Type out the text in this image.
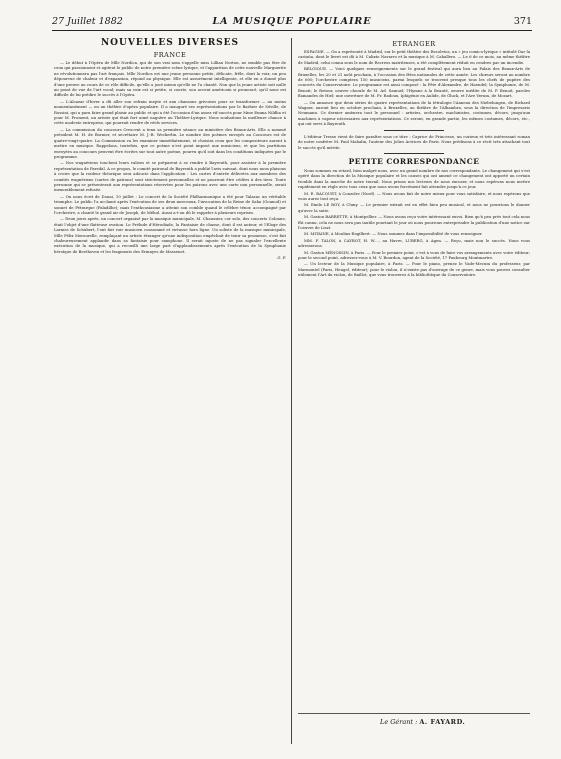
27 Juillet 1882	LA MUSIQUE POPULAIRE	371
NOUVELLES DIVERSES
FRANCE
— Le début à l'Opéra de Mlle Nordica, qui de son vrai nom s'appelle miss Lillian Norton, ne semble pas être de ceux qui passionnent et agitent le public de notre première scène lyrique, et l'apparition de cette nouvelle Marguerite ne révolutionnera pas l'art français. Mlle Nordica est une jeune personne petite, délicate, frêle, dont la voix, un peu dépourvue de chaleur et d'expansion, répond au physique. Elle est assurément intelligente, et elle en a donné plus d'une preuve au cours de ce rôle difficile, qu'elle a joué mieux qu'elle ne l'a chanté. Non que la jeune artiste soit nulle au point de vue de l'art vocal; mais sa voix est si petite, si courte, son accent américain si prononcé, qu'il nous est difficile de lui prédire le succès à l'Opéra.
— L'Alcazar d'hiver a dû aller son refrain inepte et aux chansons grivoises pour se transformer — au moins momentanément — en un théâtre d'opéra populaire. Il a inauguré ses représentations par le Barbier de Séville, de Rossini, qui a paru faire grand plaisir au public et qui a été l'occasion d'un assez vif succès pour Mme Emma Nildha et pour M. Froment, un artiste qui était fort aimé naguère au Théâtre-Lyrique. Nous souhaitons la meilleure chance à cette modeste entreprise, qui pourrait rendre de réels services.
— La commission du concours Crescent a tenu sa première séance au ministère des Beaux-Arts. Elle a nommé président M. H. de Bornier, et secrétaire M. J.-B. Weckerlin. Le nombre des poèmes envoyés au Concours est de quatre-vingt-quatre. La Commission va les examiner immédiatement, et choisira ceux que les compositeurs auront à mettre en musique. Rappelons, toutefois, que ce poème n'est point imposé aux musiciens, et que les partitions envoyées au concours peuvent être écrites sur tout autre poème, pourvu qu'il soit dans les conditions indiquées par le programme.
— Nos wagnériens touchent leurs valises et se préparent à se rendre à Bayreuth, pour assister à la première représentation de Parsifal. A ce propos, le comité patronal de Bayreuth a publié l'avis suivant, dont nous nous plaisons à croire que la roideur théorique sera adoucie dans l'application : Les cartes d'entrée délivrées aux membres des comités wagnériens (cartes de patrons) sont strictement personnelles et ne pourront être cédées à des tiers. Toute personne qui se présenterait aux représentations réservées pour les patrons avec une carte non personnelle, serait inexorablement refusée.
— On nous écrit de Douai, 10 juillet : Le concert de la Société Philharmonique a été pour Talazac un véritable triomphe. Le public l'a acclamé après l'exécution de ses deux morceaux, l'invocation de la Reine de Saba (Gounod) et sonnet de Pétrarque (Paladilhe); mais l'enthousiasme a atteint son comble quand le célèbre ténor, accompagné par l'orchestre, a chanté le grand air de Joseph, de Méhul. Aussi a-t-on dû le rappeler à plusieurs reprises.
— Deux jours après, un concert organisé par la musique municipale, M. Chaussier, cor solo, des concerts Colonne, était l'objet d'une flatteuse ovation. Le Prélude d'Hérodiade, la Fantaisie de chasse, dont il est auteur, et l'Eloge des Larmes de Schubert, l'ont fait voir musicien consommé et virtuose hors ligne. Un soliste de la musique municipale, Mlle Félix Morourelle, remplaçant un artiste étranger qu'une indisposition empêchait de tenir sa promesse, s'est fait chaleureusement applaudir dans sa fantaisie pour saxophone. Il serait injuste de ne pas signaler l'excellente exécution de la musique, qui a recueilli une large part d'applaudissements après l'exécution de la Symphonie héroïque de Beethoven et les fragments des Erinnyes de Massenet.
G. F.
ETRANGER
ESPAGNE. — On a représenté à Madrid, sur le petit théâtre des Recoletos, un « jeu comico-lyrique » intitulé Dar la castaña, dont le livret est dû à M. Calixto Navarro et la musique à M. Caballero. — Le 6 de ce mois, au même théâtre de Madrid, celui connu sous le nom de Recreos matritenses, a été complètement réduit en cendres par un incendie.
BELGIQUE. — Voici quelques renseignements sur le grand festival qui aura lieu au Palais des Beaux-Arts de Bruxelles, les 20 et 21 août prochain, à l'occasion des fêtes nationales de cette année. Les chœurs seront au nombre de 600; l'orchestre comptera 150 musiciens, parmi lesquels se trouvent presque tous les chefs de pupitre des concerts du Conservatoire. Le programme est ainsi composé : la Fête d'Alexandre, de Haendel; la Symphonie, de M. Benoit; le Retour, oeuvre chorale de M. Ad. Samuel; l'Hymne à la Beauté, oeuvre inédite de M. P. Benoit, paroles flamandes de Hiel; une ouverture de M. Fr. Radoux, Iphigénie en Aulide, de Gluck, et l'Ave Verum, de Mozart.
— On annonce que deux séries de quatre représentations de la tétralogie l'Anneau des Niebelungen, de Richard Wagner, auront lieu en octobre prochain, à Bruxelles, au théâtre de l'Alhambra, sous la direction de l'impresario Neumann. Ce dernier amènera tout le personnel : artistes, orchestre, machinistes, costumes, décors, jusqu'aux machines à vapeur nécessaires aux représentations. Ce seront, en grande partie, les mêmes costumes, décors, etc., qui ont servi à Bayreuth.
L'éditeur Tresse vient de faire paraître sous ce titre : Caprice de Princesse, un curieux et très intéressant roman de notre confrère M. Paul Mahalin, l'auteur des Jolies Actrices de Paris. Nous prédisons à ce récit très attachant tout le succès qu'il mérite.
PETITE CORRESPONDANCE
Nous sommes en retard, bien malgré nous, avec un grand nombre de nos correspondants. Le changement qui s'est opéré dans la direction de la Musique populaire et les causes qui ont amené ce changement ont apporté un certain trouble dans la marche de notre travail. Nous prions nos lecteurs de nous excuser, et nous espérons nous mettre rapidement en règle avec tous ceux que nous avons forcément fait attendre jusqu'à ce jour.
M. E. BACQUET, à Conzolre (Nord). — Nous avons fait de notre mieux pour vous satisfaire, et nous espérons que vous aurez tout reçu.
M. Emile LE ROY, à Cluny. — Le premier extrait est en effet bien peu musical, et nous ne pourrions le donner qu'avec la suite.
M. Gaston BARRETTE, à Montpellier. — Nous avons reçu votre intéressant envoi. Bien qu'à peu près tout cela nous fût connu, cela ne nous sera pas inutile pourtant le jour où nous pourrons entreprendre la publication d'une notice sur l'oeuvre de Liszt.
M. MITAINE, à Moulins-Engilbert. — Nous sommes dans l'impossibilité de vous renseigner.
MM. F. TALON, à CAYROT, H. W...., au Havre, LUBERG, à Agen. — Reçu, mais non le succès. Nous vous adresserons.
M. Gaston MÉNOSSIN, à Paris. — Pour le premier point, c'est à vous de faire vos arrangements avec votre éditeur; pour le second point, adressez-vous à M. V. Bourdon, agent de la Société, 17 Faubourg Montmartre.
— Un lecteur de la Musique populaire, à Paris. — Pour le piano, prenez le Vade-Mecum du professeur, par Marmontel (Paris, Heugel, éditeur); pour le violon, il n'existe pas d'ouvrage de ce genre, mais vous pouvez consulter utilement l'Art du violon, de Baillot, que vous trouverez à la bibliothèque du Conservatoire.
Le Gérant : A. FAYARD.
